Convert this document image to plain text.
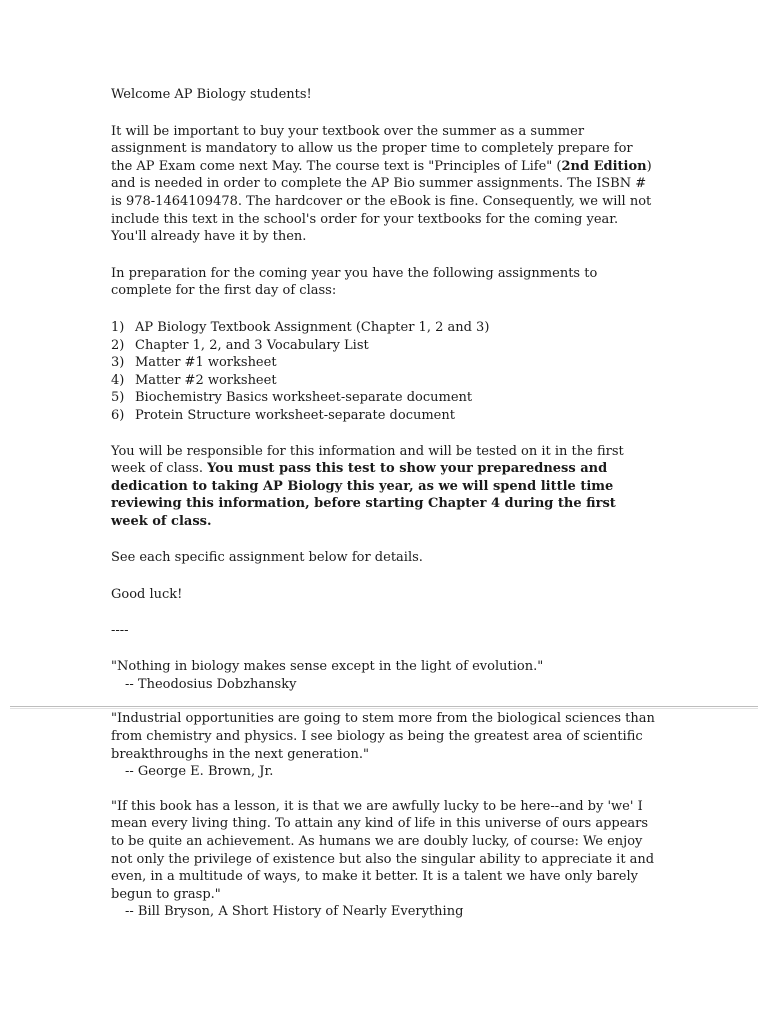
Welcome AP Biology students!

It will be important to buy your textbook over the summer as a summer assignment is mandatory to allow us the proper time to completely prepare for the AP Exam come next May. The course text is "Principles of Life" (2nd Edition) and is needed in order to complete the AP Bio summer assignments. The ISBN # is 978-1464109478. The hardcover or the eBook is fine. Consequently, we will not include this text in the school's order for your textbooks for the coming year. You'll already have it by then.

In preparation for the coming year you have the following assignments to complete for the first day of class:

1) AP Biology Textbook Assignment (Chapter 1, 2 and 3)
2) Chapter 1, 2, and 3 Vocabulary List
3) Matter #1 worksheet
4) Matter #2 worksheet
5) Biochemistry Basics worksheet-separate document
6) Protein Structure worksheet-separate document

You will be responsible for this information and will be tested on it in the first week of class. You must pass this test to show your preparedness and dedication to taking AP Biology this year, as we will spend little time reviewing this information, before starting Chapter 4 during the first week of class.

See each specific assignment below for details.

Good luck!

----

"Nothing in biology makes sense except in the light of evolution."

-- Theodosius Dobzhansky

"Industrial opportunities are going to stem more from the biological sciences than from chemistry and physics. I see biology as being the greatest area of scientific breakthroughs in the next generation."

-- George E. Brown, Jr.

"If this book has a lesson, it is that we are awfully lucky to be here--and by 'we' I mean every living thing. To attain any kind of life in this universe of ours appears to be quite an achievement. As humans we are doubly lucky, of course: We enjoy not only the privilege of existence but also the singular ability to appreciate it and even, in a multitude of ways, to make it better. It is a talent we have only barely begun to grasp."

-- Bill Bryson, A Short History of Nearly Everything
